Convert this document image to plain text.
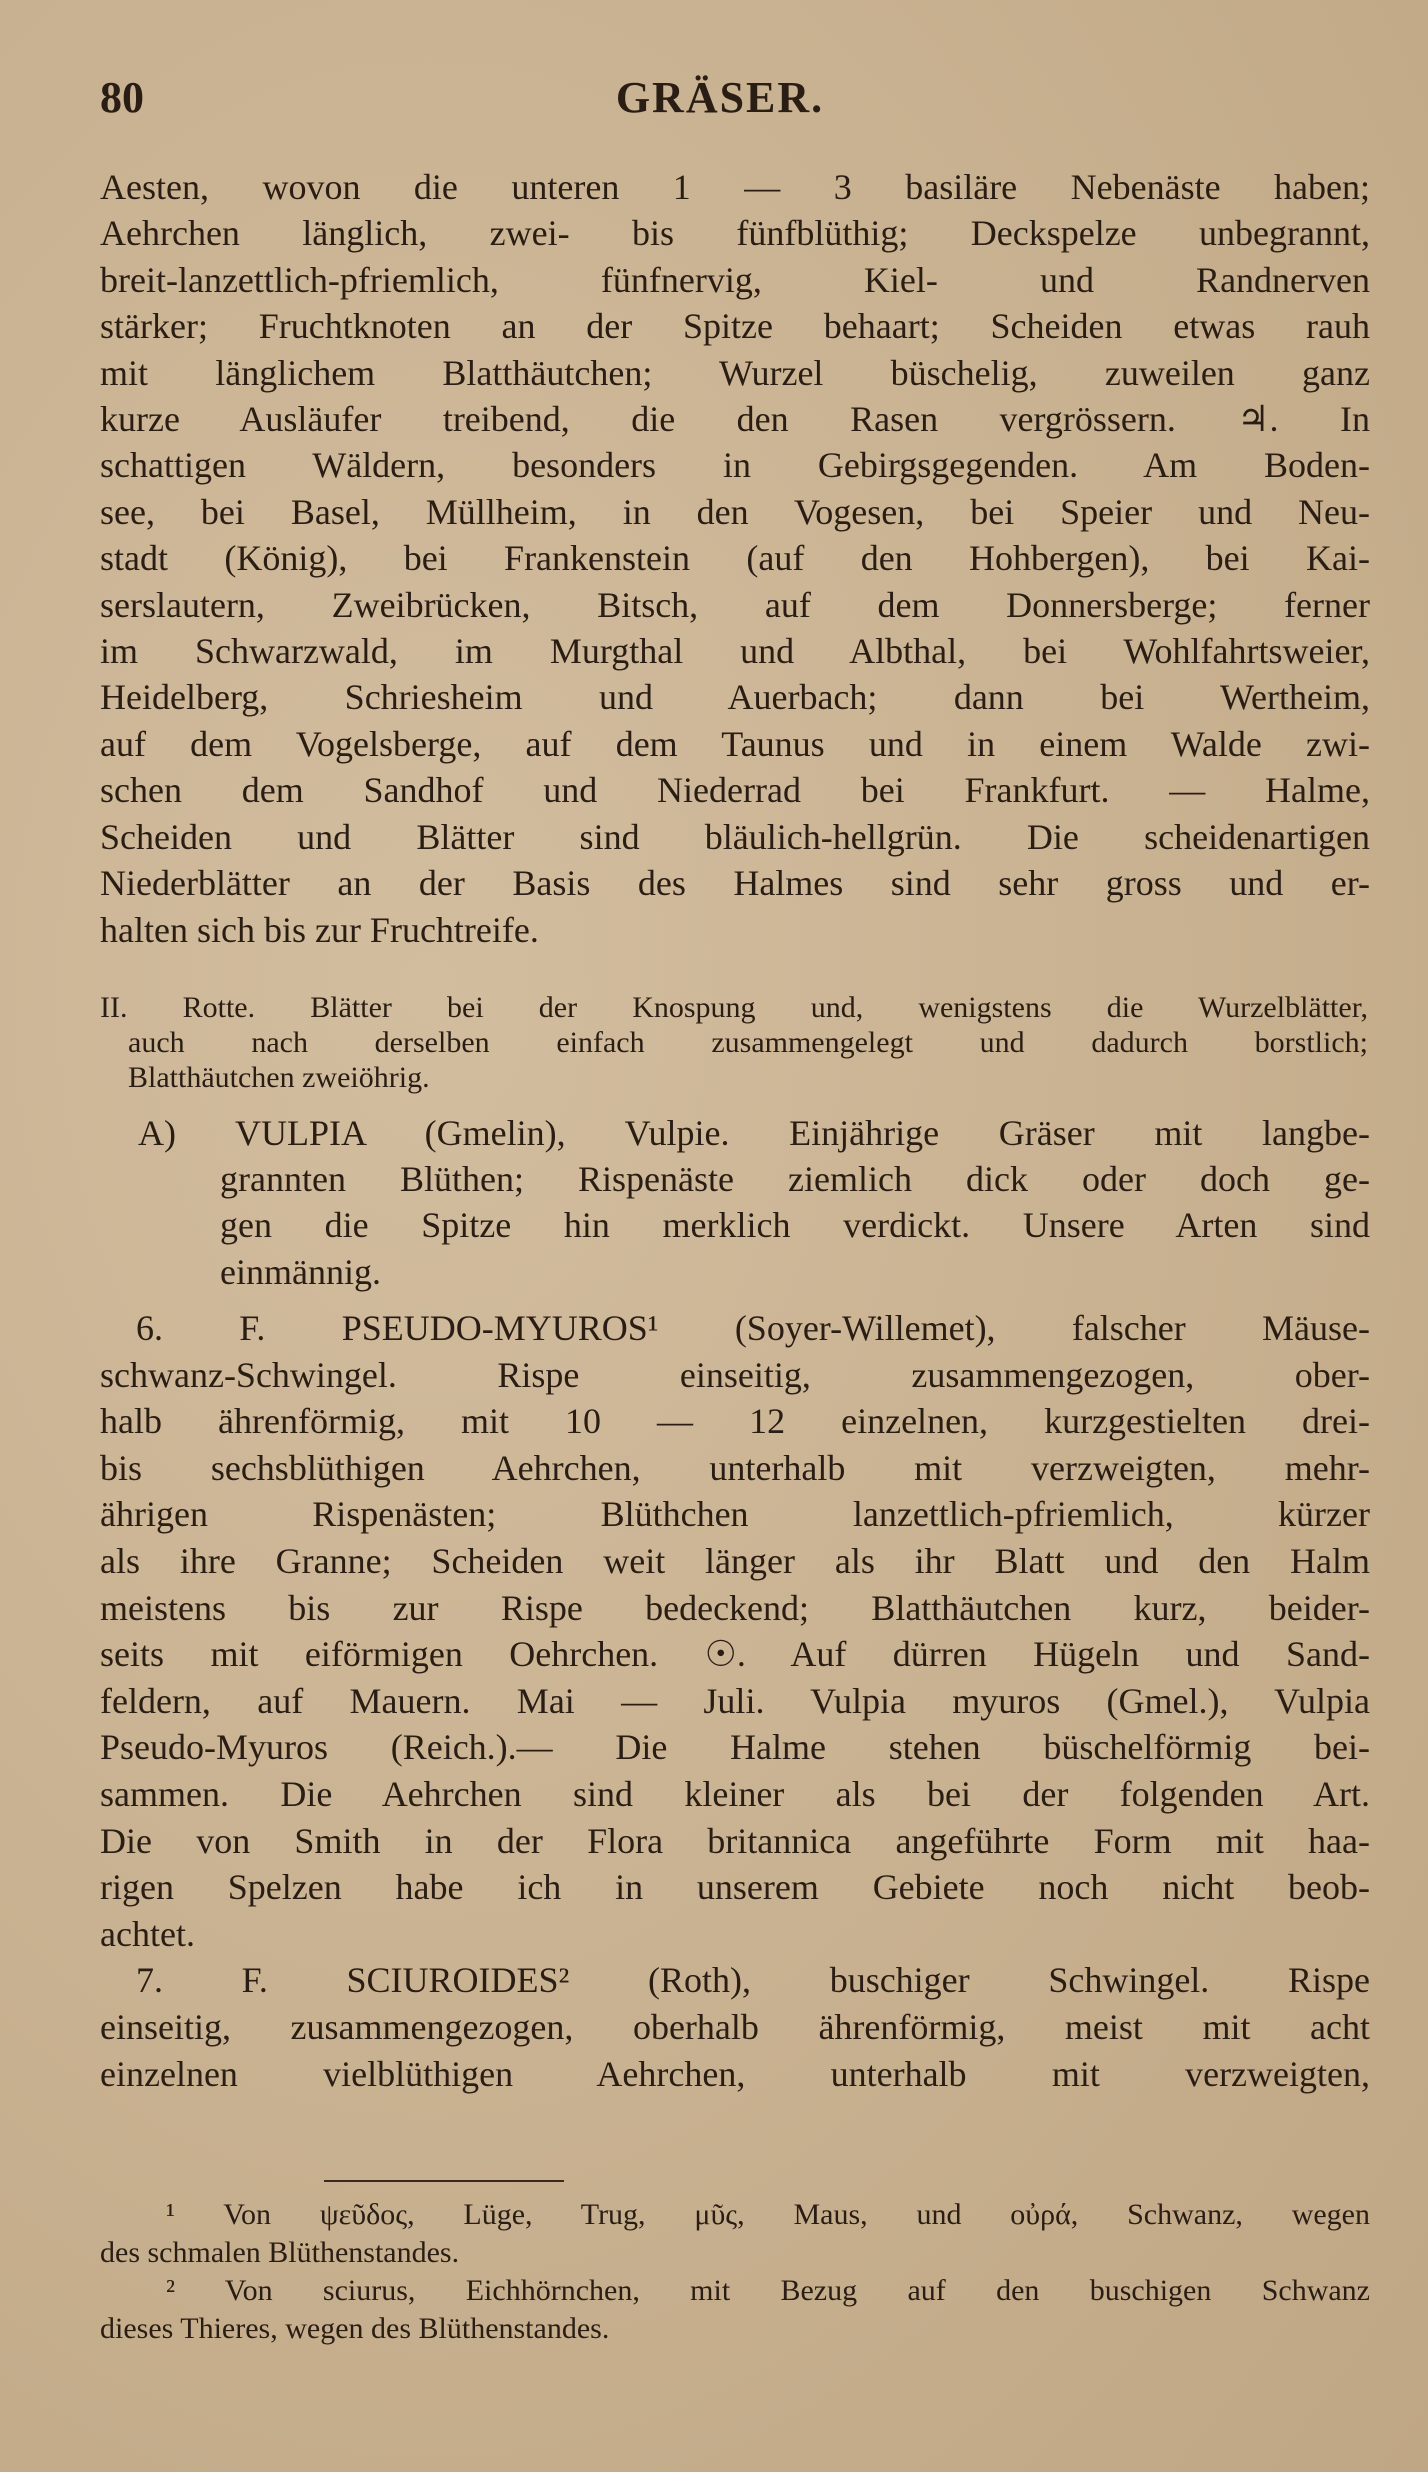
80	GRÄSER.
Aesten, wovon die unteren 1 — 3 basiläre Nebenäste haben;
Aehrchen länglich, zwei- bis fünfblüthig; Deckspelze unbegrannt,
breit-lanzettlich-pfriemlich, fünfnervig, Kiel- und Randnerven
stärker; Fruchtknoten an der Spitze behaart; Scheiden etwas rauh
mit länglichem Blatthäutchen; Wurzel büschelig, zuweilen ganz
kurze Ausläufer treibend, die den Rasen vergrössern. ♃. In
schattigen Wäldern, besonders in Gebirgsgegenden. Am Boden-
see, bei Basel, Müllheim, in den Vogesen, bei Speier und Neu-
stadt (König), bei Frankenstein (auf den Hohbergen), bei Kai-
serslautern, Zweibrücken, Bitsch, auf dem Donnersberge; ferner
im Schwarzwald, im Murgthal und Albthal, bei Wohlfahrtsweier,
Heidelberg, Schriesheim und Auerbach; dann bei Wertheim,
auf dem Vogelsberge, auf dem Taunus und in einem Walde zwi-
schen dem Sandhof und Niederrad bei Frankfurt. — Halme,
Scheiden und Blätter sind bläulich-hellgrün. Die scheidenartigen
Niederblätter an der Basis des Halmes sind sehr gross und er-
halten sich bis zur Fruchtreife.
II. Rotte. Blätter bei der Knospung und, wenigstens die Wurzelblätter,
auch nach derselben einfach zusammengelegt und dadurch borstlich;
Blatthäutchen zweiöhrig.
A) VULPIA (Gmelin), Vulpie. Einjährige Gräser mit langbe-
grannten Blüthen; Rispenäste ziemlich dick oder doch ge-
gen die Spitze hin merklich verdickt. Unsere Arten sind
einmännig.
6. F. PSEUDO-MYUROS¹ (Soyer-Willemet), falscher Mäuse-
schwanz-Schwingel. Rispe einseitig, zusammengezogen, ober-
halb ährenförmig, mit 10 — 12 einzelnen, kurzgestielten drei-
bis sechsblüthigen Aehrchen, unterhalb mit verzweigten, mehr-
ährigen Rispenästen; Blüthchen lanzettlich-pfriemlich, kürzer
als ihre Granne; Scheiden weit länger als ihr Blatt und den Halm
meistens bis zur Rispe bedeckend; Blatthäutchen kurz, beider-
seits mit eiförmigen Oehrchen. ☉. Auf dürren Hügeln und Sand-
feldern, auf Mauern. Mai — Juli. Vulpia myuros (Gmel.), Vulpia
Pseudo-Myuros (Reich.).— Die Halme stehen büschelförmig bei-
sammen. Die Aehrchen sind kleiner als bei der folgenden Art.
Die von Smith in der Flora britannica angeführte Form mit haa-
rigen Spelzen habe ich in unserem Gebiete noch nicht beob-
achtet.
7. F. SCIUROIDES² (Roth), buschiger Schwingel. Rispe
einseitig, zusammengezogen, oberhalb ährenförmig, meist mit acht
einzelnen vielblüthigen Aehrchen, unterhalb mit verzweigten,
¹ Von ψεῦδος, Lüge, Trug, μῦς, Maus, und οὐρά, Schwanz, wegen
des schmalen Blüthenstandes.
² Von sciurus, Eichhörnchen, mit Bezug auf den buschigen Schwanz
dieses Thieres, wegen des Blüthenstandes.
